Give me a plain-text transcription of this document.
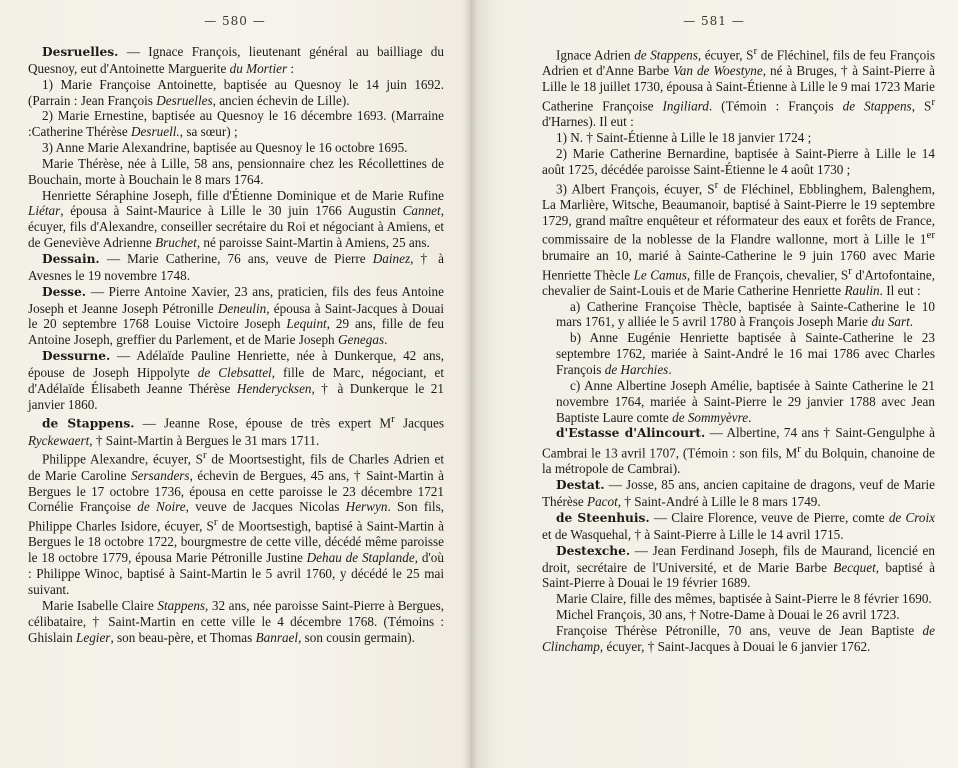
— 580 —

Desruelles. — Ignace François, lieutenant général au bailliage du Quesnoy, eut d'Antoinette Marguerite du Mortier :

1) Marie Françoise Antoinette, baptisée au Quesnoy le 14 juin 1692. (Parrain : Jean François Desruelles, ancien échevin de Lille).

2) Marie Ernestine, baptisée au Quesnoy le 16 décembre 1693. (Marraine :Catherine Thérèse Desruell., sa sœur) ;

3) Anne Marie Alexandrine, baptisée au Quesnoy le 16 octobre 1695.

Marie Thérèse, née à Lille, 58 ans, pensionnaire chez les Récollettines de Bouchain, morte à Bouchain le 8 mars 1764.

Henriette Séraphine Joseph, fille d'Étienne Dominique et de Marie Rufine Liétar, épousa à Saint-Maurice à Lille le 30 juin 1766 Augustin Cannet, écuyer, fils d'Alexandre, conseiller secrétaire du Roi et négociant à Amiens, et de Geneviève Adrienne Bruchet, né paroisse Saint-Martin à Amiens, 25 ans.

Dessain. — Marie Catherine, 76 ans, veuve de Pierre Dainez, † à Avesnes le 19 novembre 1748.

Desse. — Pierre Antoine Xavier, 23 ans, praticien, fils des feus Antoine Joseph et Jeanne Joseph Pétronille Deneulin, épousa à Saint-Jacques à Douai le 20 septembre 1768 Louise Victoire Joseph Lequint, 29 ans, fille de feu Antoine Joseph, greffier du Parlement, et de Marie Joseph Genegas.

Dessurne. — Adélaïde Pauline Henriette, née à Dunkerque, 42 ans, épouse de Joseph Hippolyte de Clebsattel, fille de Marc, négociant, et d'Adélaïde Élisabeth Jeanne Thérèse Henderycksen, † à Dunkerque le 21 janvier 1860.

de Stappens. — Jeanne Rose, épouse de très expert $M^r$ Jacques Ryckewaert, † Saint-Martin à Bergues le 31 mars 1711.

Philippe Alexandre, écuyer, $S^r$ de Moortsestight, fils de Charles Adrien et de Marie Caroline Sersanders, échevin de Bergues, 45 ans, † Saint-Martin à Bergues le 17 octobre 1736, épousa en cette paroisse le 23 décembre 1721 Cornélie Françoise de Noire, veuve de Jacques Nicolas Herwyn. Son fils, Philippe Charles Isidore, écuyer, $S^r$ de Moortsestigh, baptisé à Saint-Martin à Bergues le 18 octobre 1722, bourgmestre de cette ville, décédé même paroisse le 18 octobre 1779, épousa Marie Pétronille Justine Dehau de Staplande, d'où : Philippe Winoc, baptisé à Saint-Martin le 5 avril 1760, y décédé le 25 mai suivant.

Marie Isabelle Claire Stappens, 32 ans, née paroisse Saint-Pierre à Bergues, célibataire, † Saint-Martin en cette ville le 4 décembre 1768. (Témoins : Ghislain Legier, son beau-père, et Thomas Banrael, son cousin germain).

— 581 —

Ignace Adrien de Stappens, écuyer, $S^r$ de Fléchinel, fils de feu François Adrien et d'Anne Barbe Van de Woestyne, né à Bruges, † à Saint-Pierre à Lille le 18 juillet 1730, épousa à Saint-Étienne à Lille le 9 mai 1723 Marie Catherine Françoise Ingiliard. (Témoin : François de Stappens, $S^r$ d'Harnes). Il eut :

1) N. † Saint-Étienne à Lille le 18 janvier 1724 ;

2) Marie Catherine Bernardine, baptisée à Saint-Pierre à Lille le 14 août 1725, décédée paroisse Saint-Étienne le 4 août 1730 ;

3) Albert François, écuyer, $S^r$ de Fléchinel, Ebblinghem, Balenghem, La Marlière, Witsche, Beaumanoir, baptisé à Saint-Pierre le 19 septembre 1729, grand maître enquêteur et réformateur des eaux et forêts de France, commissaire de la noblesse de la Flandre wallonne, mort à Lille le 1er brumaire an 10, marié à Sainte-Catherine le 9 juin 1760 avec Marie Henriette Thècle Le Camus, fille de François, chevalier, $S^r$ d'Artofontaine, chevalier de Saint-Louis et de Marie Catherine Henriette Raulin. Il eut :

a) Catherine Françoise Thècle, baptisée à Sainte-Catherine le 10 mars 1761, y alliée le 5 avril 1780 à François Joseph Marie du Sart.

b) Anne Eugénie Henriette baptisée à Sainte-Catherine le 23 septembre 1762, mariée à Saint-André le 16 mai 1786 avec Charles François de Harchies.

c) Anne Albertine Joseph Amélie, baptisée à Sainte Catherine le 21 novembre 1764, mariée à Saint-Pierre le 29 janvier 1788 avec Jean Baptiste Laure comte de Sommyèvre.

d'Estasse d'Alincourt. — Albertine, 74 ans † Saint-Gengulphe à Cambrai le 13 avril 1707, (Témoin : son fils, $M^r$ du Bolquin, chanoine de la métropole de Cambrai).

Destat. — Josse, 85 ans, ancien capitaine de dragons, veuf de Marie Thérèse Pacot, † Saint-André à Lille le 8 mars 1749.

de Steenhuis. — Claire Florence, veuve de Pierre, comte de Croix et de Wasquehal, † à Saint-Pierre à Lille le 14 avril 1715.

Destexche. — Jean Ferdinand Joseph, fils de Maurand, licencié en droit, secrétaire de l'Université, et de Marie Barbe Becquet, baptisé à Saint-Pierre à Douai le 19 février 1689.

Marie Claire, fille des mêmes, baptisée à Saint-Pierre le 8 février 1690.

Michel François, 30 ans, † Notre-Dame à Douai le 26 avril 1723.

Françoise Thérèse Pétronille, 70 ans, veuve de Jean Baptiste de Clinchamp, écuyer, † Saint-Jacques à Douai le 6 janvier 1762.
